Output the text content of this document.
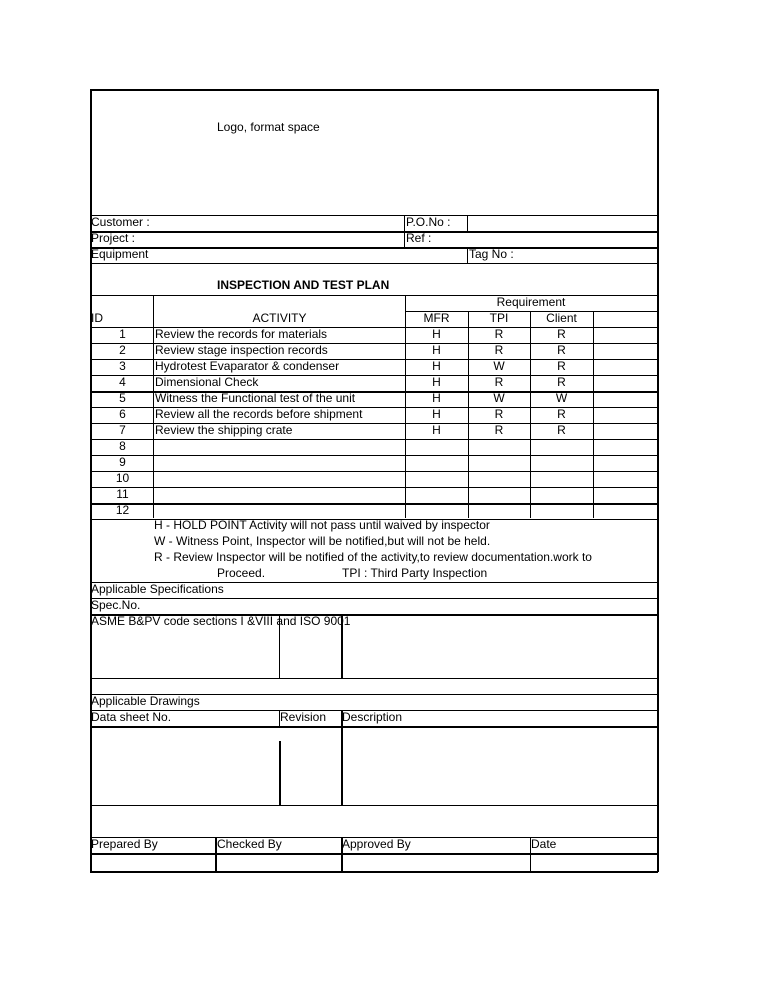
Logo, format space
Customer :	P.O.No :
Project :	Ref :
Equipment	Tag No :
INSPECTION AND TEST PLAN
Requirement
ID	ACTIVITY	MFR	TPI	Client
1	Review the records for materials	H	R	R
2	Review stage inspection records	H	R	R
3	Hydrotest Evaparator & condenser	H	W	R
4	Dimensional Check	H	R	R
5	Witness the Functional test of the unit	H	W	W
6	Review all the records before shipment	H	R	R
7	Review the shipping crate	H	R	R
8
9
10
11
12
H - HOLD POINT Activity will not pass until waived by inspector
W - Witness Point, Inspector will be notified,but will not be held.
R - Review Inspector will be notified of the activity,to review documentation.work to
Proceed.	TPI : Third Party Inspection
Applicable Specifications
Spec.No.
ASME B&PV code sections I &VIII and ISO 9001
Applicable Drawings
Data sheet No.	Revision Description
Prepared By	Checked By	Approved By	Date
